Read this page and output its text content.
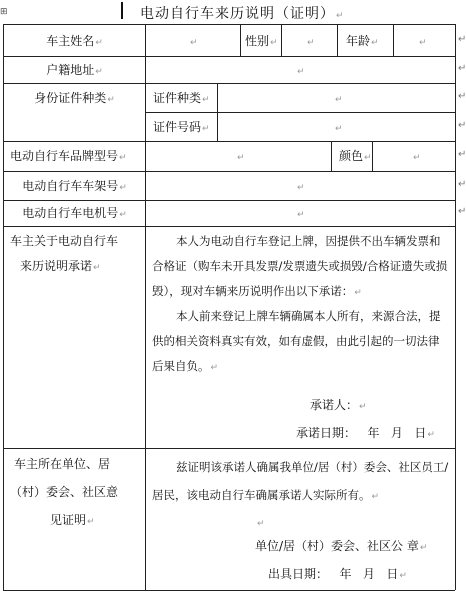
⊞	电动自行车来历说明（证明）↵
车主姓名↵	↵	性别↵	↵	年龄↵	↵	↵
户籍地址↵	↵	↵
身份证件种类↵	证件种类↵	↵	↵
证件号码↵	↵	↵
电动自行车品牌型号↵	↵	颜色↵	↵	↵
电动自行车车架号↵	↵	↵
电动自行车电机号↵	↵	↵
车主关于电动自行车
来历说明承诺↵
本人为电动自行车登记上牌，因提供不出车辆发票和合格证（购车未开具发票/发票遗失或损毁/合格证遗失或损毁），现对车辆来历说明作出以下承诺：↵
本人前来登记上牌车辆确属本人所有，来源合法，提供的相关资料真实有效，如有虚假，由此引起的一切法律后果自负。↵
承诺人：↵
承诺日期：   年   月   日↵
车主所在单位、居
（村）委会、社区意
见证明↵
兹证明该承诺人确属我单位/居（村）委会、社区员工/居民，该电动自行车确属承诺人实际所有。↵
↵
单位/居（村）委会、社区公 章↵
出具日期：   年   月   日↵
